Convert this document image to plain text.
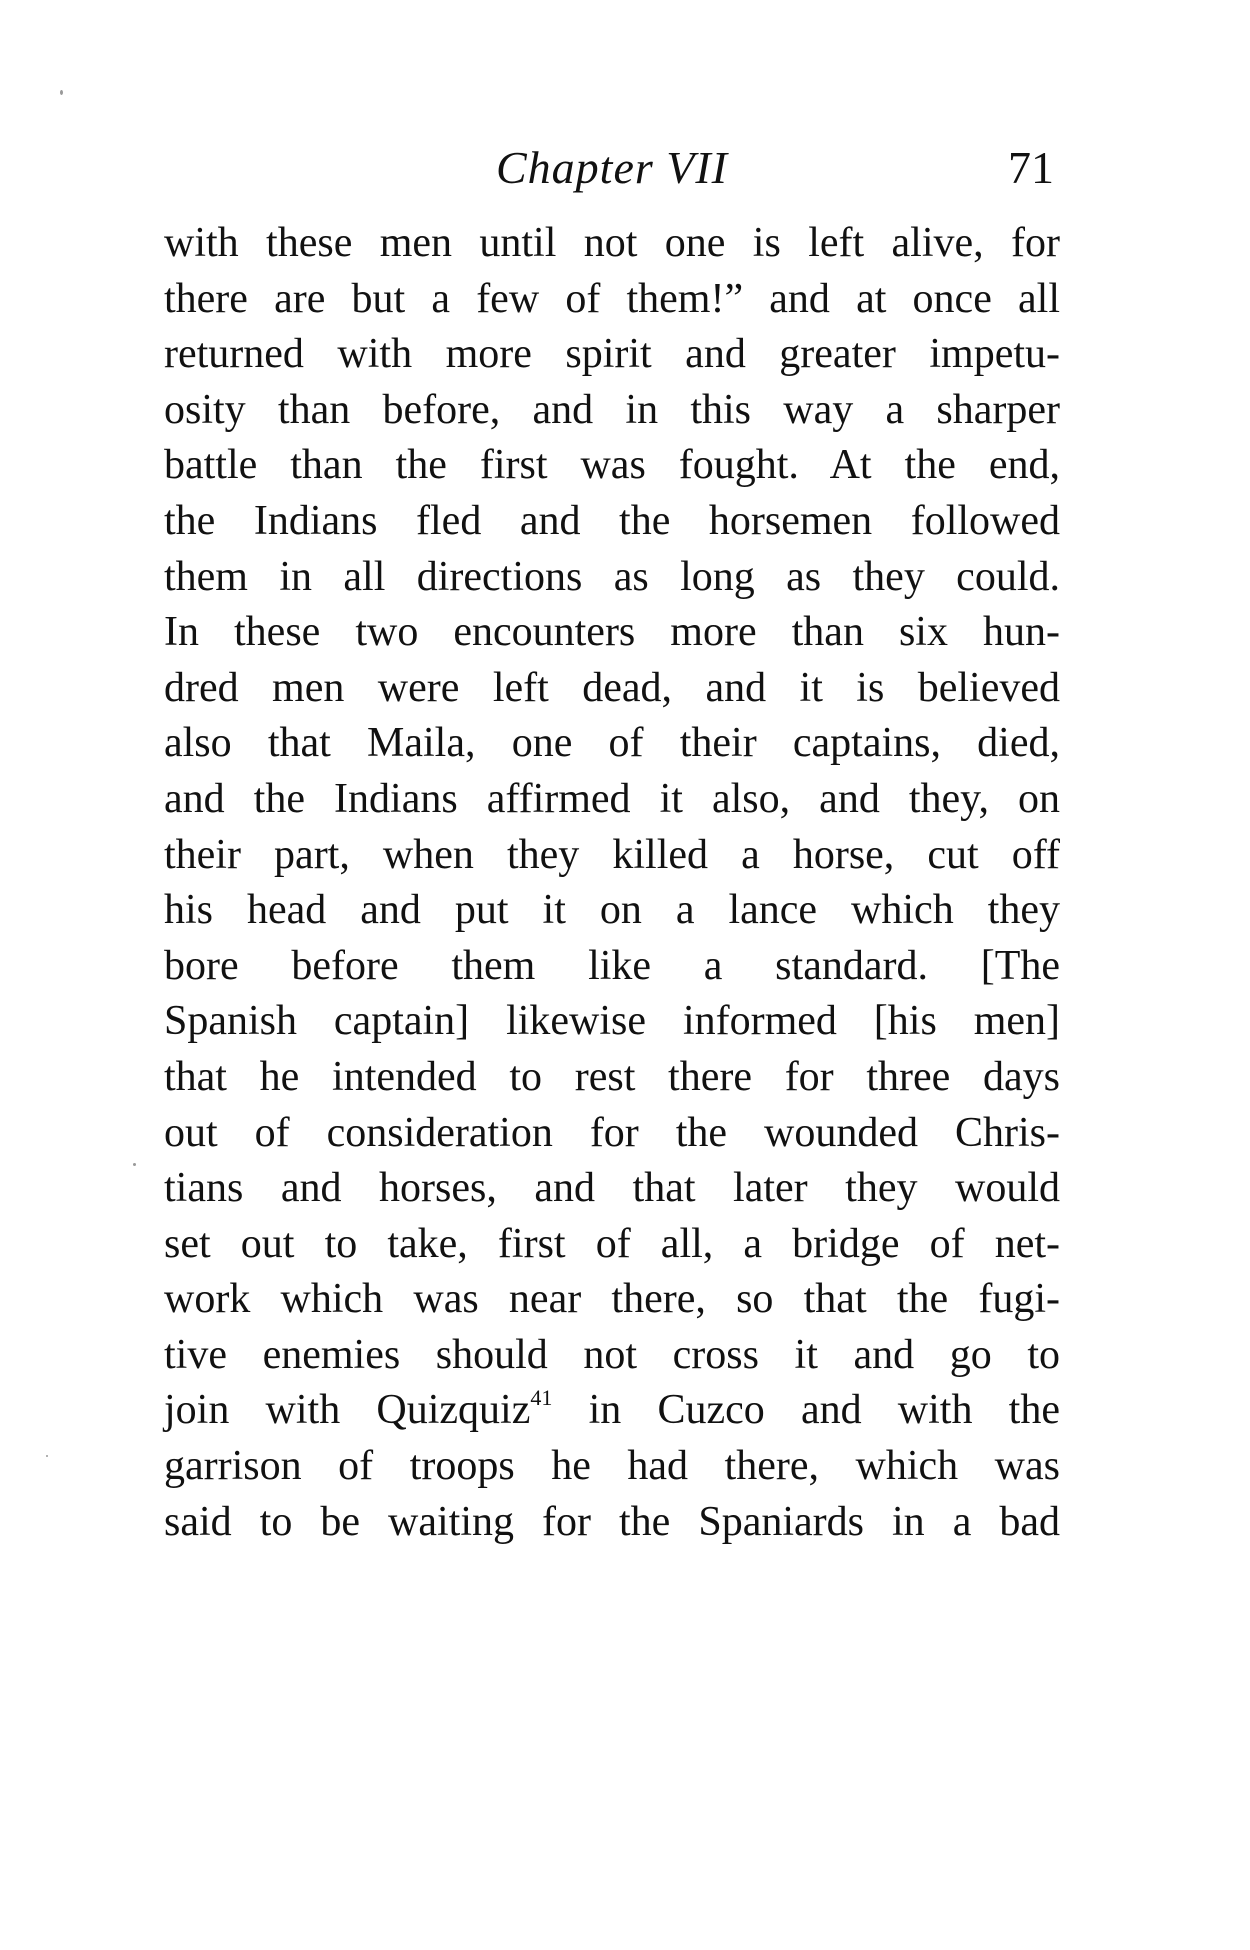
Chapter VII	71
with these men until not one is left alive, for
there are but a few of them!” and at once all
returned with more spirit and greater impetu-
osity than before, and in this way a sharper
battle than the first was fought. At the end,
the Indians fled and the horsemen followed
them in all directions as long as they could.
In these two encounters more than six hun-
dred men were left dead, and it is believed
also that Maila, one of their captains, died,
and the Indians affirmed it also, and they, on
their part, when they killed a horse, cut off
his head and put it on a lance which they
bore before them like a standard. [The
Spanish captain] likewise informed [his men]
that he intended to rest there for three days
out of consideration for the wounded Chris-
tians and horses, and that later they would
set out to take, first of all, a bridge of net-
work which was near there, so that the fugi-
tive enemies should not cross it and go to
join with Quizquiz$^{41}$ in Cuzco and with the
garrison of troops he had there, which was
said to be waiting for the Spaniards in a bad
